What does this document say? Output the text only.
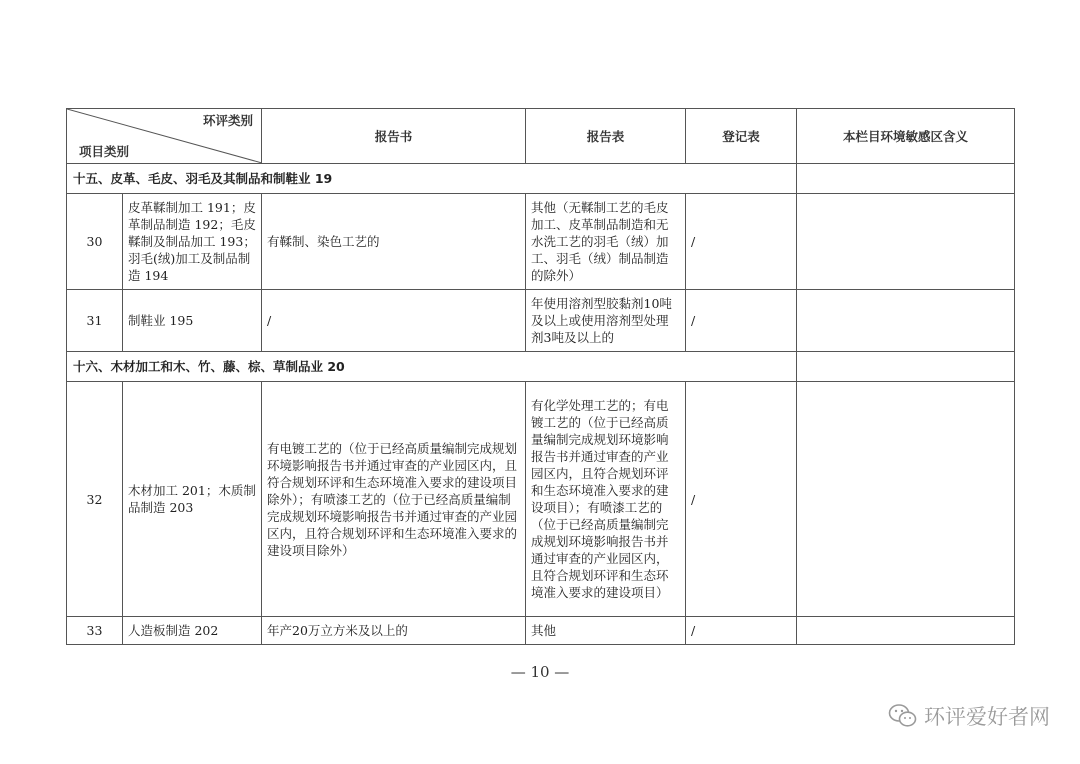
环评类别
项目类别		报告书	报告表	登记表	本栏目环境敏感区含义
十五、皮革、毛皮、羽毛及其制品和制鞋业 19					
30	皮革鞣制加工 191；皮革制品制造 192；毛皮鞣制及制品加工 193；羽毛(绒)加工及制品制造 194	有鞣制、染色工艺的	其他（无鞣制工艺的毛皮加工、皮革制品制造和无水洗工艺的羽毛（绒）加工、羽毛（绒）制品制造的除外）	/	
31	制鞋业 195	/	年使用溶剂型胶黏剂10吨及以上或使用溶剂型处理剂3吨及以上的	/	
十六、木材加工和木、竹、藤、棕、草制品业 20					
32	木材加工 201；木质制品制造 203	有电镀工艺的（位于已经高质量编制完成规划环境影响报告书并通过审查的产业园区内，且符合规划环评和生态环境准入要求的建设项目除外）；有喷漆工艺的（位于已经高质量编制完成规划环境影响报告书并通过审查的产业园区内，且符合规划环评和生态环境准入要求的建设项目除外）	有化学处理工艺的；有电镀工艺的（位于已经高质量编制完成规划环境影响报告书并通过审查的产业园区内，且符合规划环评和生态环境准入要求的建设项目）；有喷漆工艺的（位于已经高质量编制完成规划环境影响报告书并通过审查的产业园区内，且符合规划环评和生态环境准入要求的建设项目）	/	
33	人造板制造 202	年产20万立方米及以上的	其他	/	
— 10 —
环评爱好者网
